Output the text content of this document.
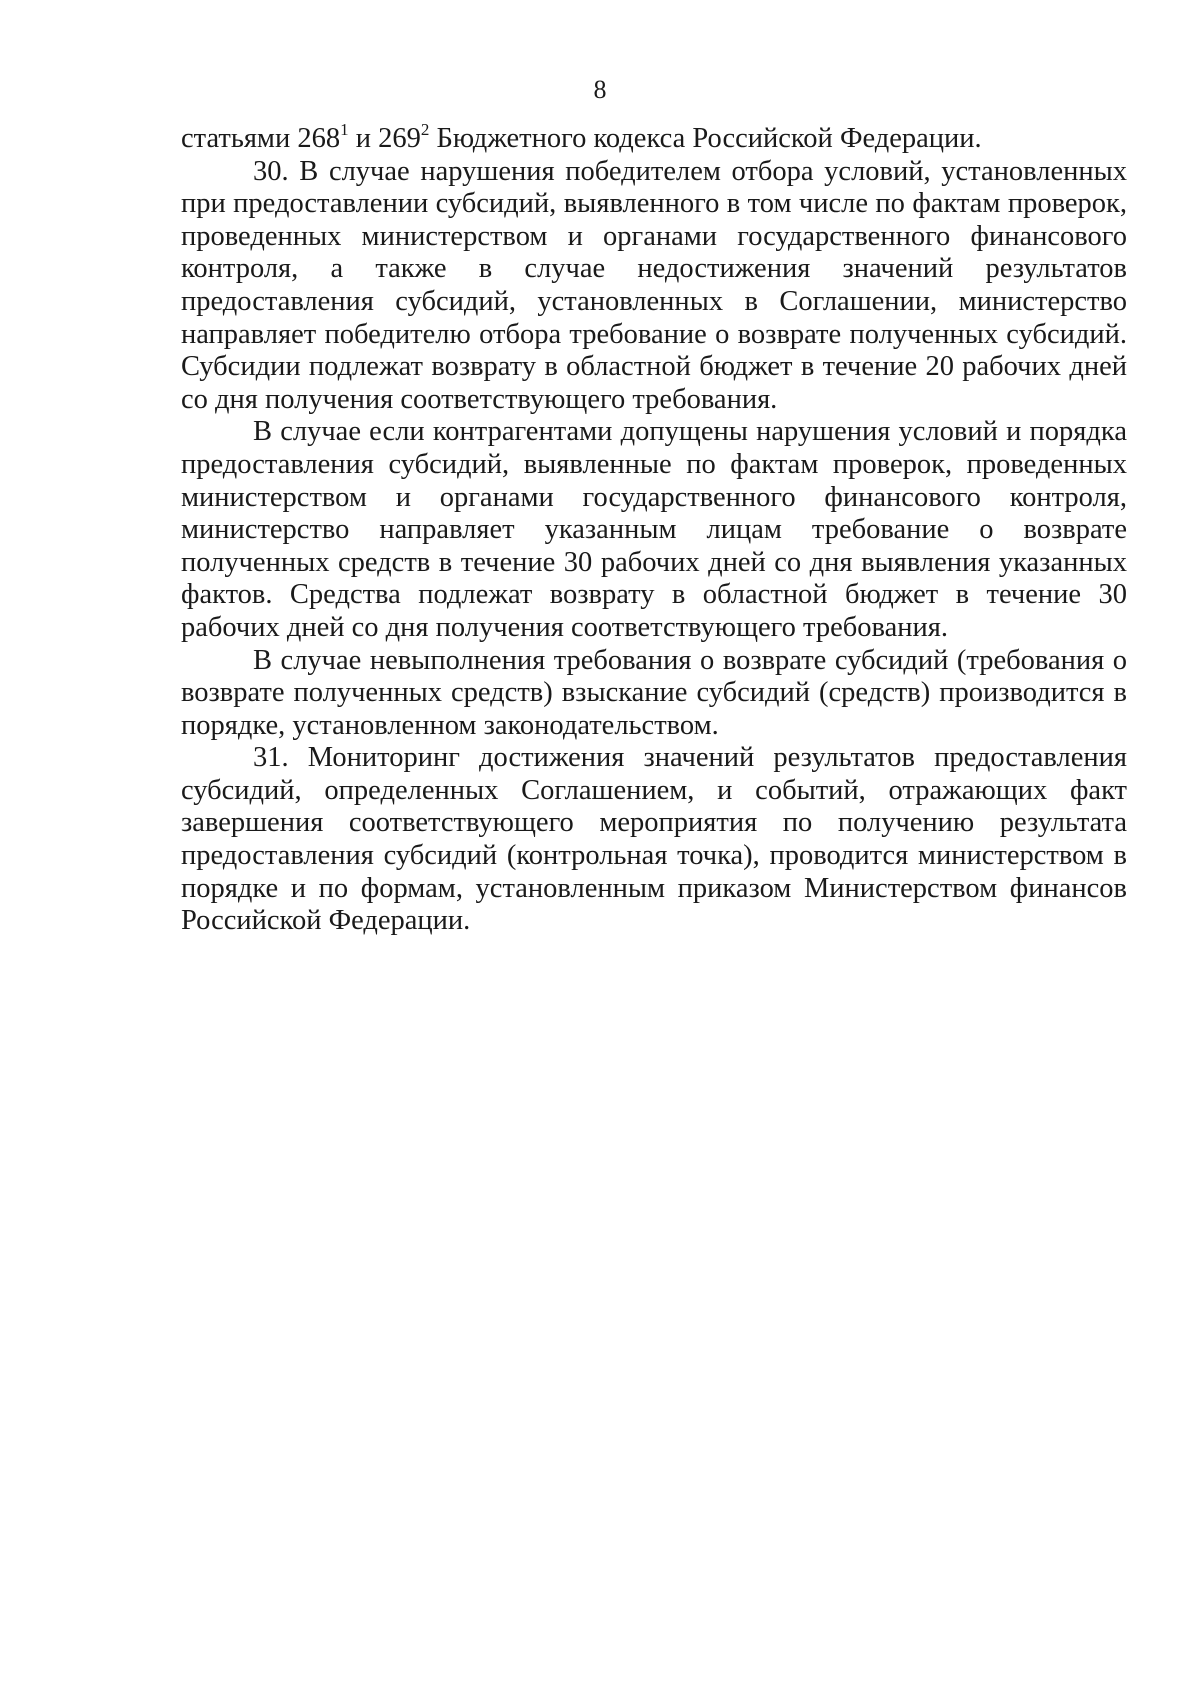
8

статьями $268^1$ и $269^2$ Бюджетного кодекса Российской Федерации.

30. В случае нарушения победителем отбора условий, установленных при предоставлении субсидий, выявленного в том числе по фактам проверок, проведенных министерством и органами государственного финансового контроля, а также в случае недостижения значений результатов предоставления субсидий, установленных в Соглашении, министерство направляет победителю отбора требование о возврате полученных субсидий. Субсидии подлежат возврату в областной бюджет в течение 20 рабочих дней со дня получения соответствующего требования.

В случае если контрагентами допущены нарушения условий и порядка предоставления субсидий, выявленные по фактам проверок, проведенных министерством и органами государственного финансового контроля, министерство направляет указанным лицам требование о возврате полученных средств в течение 30 рабочих дней со дня выявления указанных фактов. Средства подлежат возврату в областной бюджет в течение 30 рабочих дней со дня получения соответствующего требования.

В случае невыполнения требования о возврате субсидий (требования о возврате полученных средств) взыскание субсидий (средств) производится в порядке, установленном законодательством.

31. Мониторинг достижения значений результатов предоставления субсидий, определенных Соглашением, и событий, отражающих факт завершения соответствующего мероприятия по получению результата предоставления субсидий (контрольная точка), проводится министерством в порядке и по формам, установленным приказом Министерством финансов Российской Федерации.
